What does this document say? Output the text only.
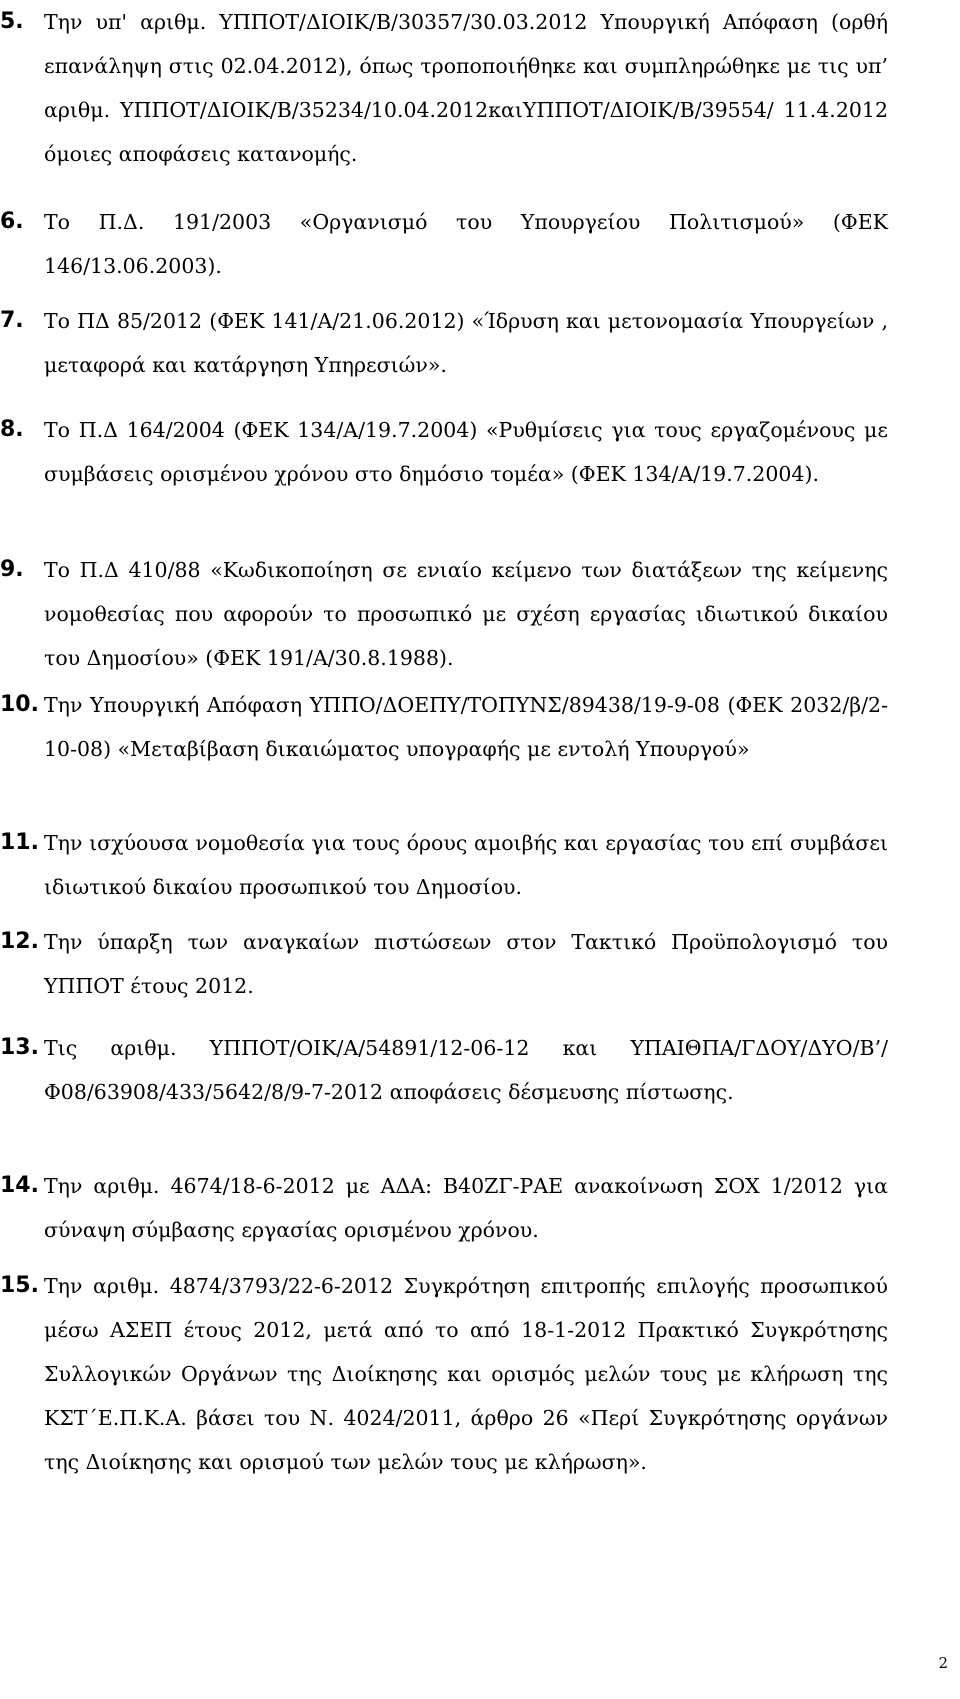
5. Την υπ' αριθμ. ΥΠΠΟΤ/ΔΙΟΙΚ/Β/30357/30.03.2012 Υπουργική Απόφαση (ορθή επανάληψη στις 02.04.2012), όπως τροποποιήθηκε και συμπληρώθηκε με τις υπ’ αριθμ. ΥΠΠΟΤ/ΔΙΟΙΚ/Β/35234/10.04.2012καιΥΠΠΟΤ/ΔΙΟΙΚ/Β/39554/ 11.4.2012 όμοιες αποφάσεις κατανομής.
6. Το Π.Δ. 191/2003 «Οργανισμό του Υπουργείου Πολιτισμού» (ΦΕΚ 146/13.06.2003).
7. Το ΠΔ 85/2012 (ΦΕΚ 141/Α/21.06.2012) «Ίδρυση και μετονομασία Υπουργείων , μεταφορά και κατάργηση Υπηρεσιών».
8. Το Π.Δ 164/2004 (ΦΕΚ 134/Α/19.7.2004) «Ρυθμίσεις για τους εργαζομένους με συμβάσεις ορισμένου χρόνου στο δημόσιο τομέα» (ΦΕΚ 134/Α/19.7.2004).
9. Το Π.Δ 410/88 «Κωδικοποίηση σε ενιαίο κείμενο των διατάξεων της κείμενης νομοθεσίας που αφορούν το προσωπικό με σχέση εργασίας ιδιωτικού δικαίου του Δημοσίου» (ΦΕΚ 191/Α/30.8.1988).
10. Την Υπουργική Απόφαση ΥΠΠΟ/ΔΟΕΠΥ/ΤΟΠΥΝΣ/89438/19-9-08 (ΦΕΚ 2032/β/2-10-08) «Μεταβίβαση δικαιώματος υπογραφής με εντολή Υπουργού»
11. Την ισχύουσα νομοθεσία για τους όρους αμοιβής και εργασίας του επί συμβάσει ιδιωτικού δικαίου προσωπικού του Δημοσίου.
12. Την ύπαρξη των αναγκαίων πιστώσεων στον Τακτικό Προϋπολογισμό του ΥΠΠΟΤ έτους 2012.
13. Τις αριθμ. ΥΠΠΟΤ/ΟΙΚ/Α/54891/12-06-12 και ΥΠΑΙΘΠΑ/ΓΔΟΥ/ΔΥΟ/Β’/Φ08/63908/433/5642/8/9-7-2012 αποφάσεις δέσμευσης πίστωσης.
14. Την αριθμ. 4674/18-6-2012 με ΑΔΑ: Β40ΖΓ-ΡΑΕ ανακοίνωση ΣΟΧ 1/2012 για σύναψη σύμβασης εργασίας ορισμένου χρόνου.
15. Την αριθμ. 4874/3793/22-6-2012 Συγκρότηση επιτροπής επιλογής προσωπικού μέσω ΑΣΕΠ έτους 2012, μετά από το από 18-1-2012 Πρακτικό Συγκρότησης Συλλογικών Οργάνων της Διοίκησης και ορισμός μελών τους με κλήρωση της ΚΣΤ΄Ε.Π.Κ.Α. βάσει του Ν. 4024/2011, άρθρο 26 «Περί Συγκρότησης οργάνων της Διοίκησης και ορισμού των μελών τους με κλήρωση».
2
